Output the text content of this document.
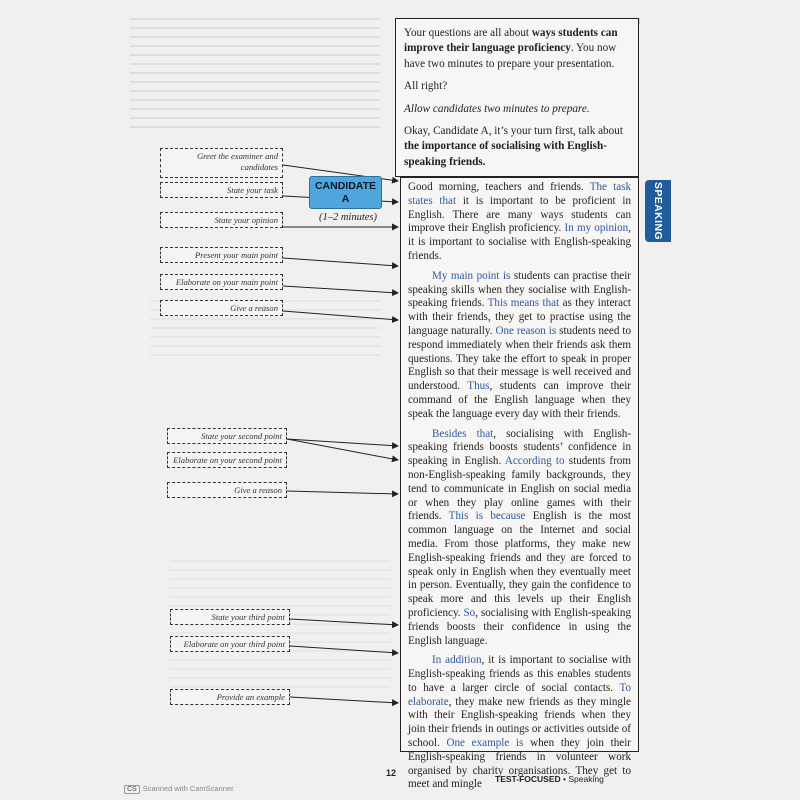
Your questions are all about ways students can improve their language proficiency. You now have two minutes to prepare your presentation.

All right?

Allow candidates two minutes to prepare.

Okay, Candidate A, it’s your turn first, talk about the importance of socialising with English-speaking friends.

Greet the examiner and candidates
State your task
State your opinion
Present your main point
Elaborate on your main point
Give a reason
State your second point
Elaborate on your second point
Give a reason
State your third point
Elaborate on your third point
Provide an example
CANDIDATE A
(1–2 minutes)

Good morning, teachers and friends. The task states that it is important to be proficient in English. There are many ways students can improve their English proficiency. In my opinion, it is important to socialise with English-speaking friends.

My main point is students can practise their speaking skills when they socialise with English-speaking friends. This means that as they interact with their friends, they get to practise using the language naturally. One reason is students need to respond immediately when their friends ask them questions. They take the effort to speak in proper English so that their message is well received and understood. Thus, students can improve their command of the English language when they speak the language every day with their friends.

Besides that, socialising with English-speaking friends boosts students’ confidence in speaking in English. According to students from non-English-speaking family backgrounds, they tend to communicate in English on social media or when they play online games with their friends. This is because English is the most common language on the Internet and social media. From those platforms, they make new English-speaking friends and they are forced to speak only in English when they eventually meet in person. Eventually, they gain the confidence to speak more and this levels up their English proficiency. So, socialising with English-speaking friends boosts their confidence in using the English language.

In addition, it is important to socialise with English-speaking friends as this enables students to have a larger circle of social contacts. To elaborate, they make new friends as they mingle with their English-speaking friends when they join their friends in outings or activities outside of school. One example is when they join their English-speaking friends in volunteer work organised by charity organisations. They get to meet and mingle

SPEAKING
12
TEST-FOCUSED • Speaking
CS Scanned with CamScanner
